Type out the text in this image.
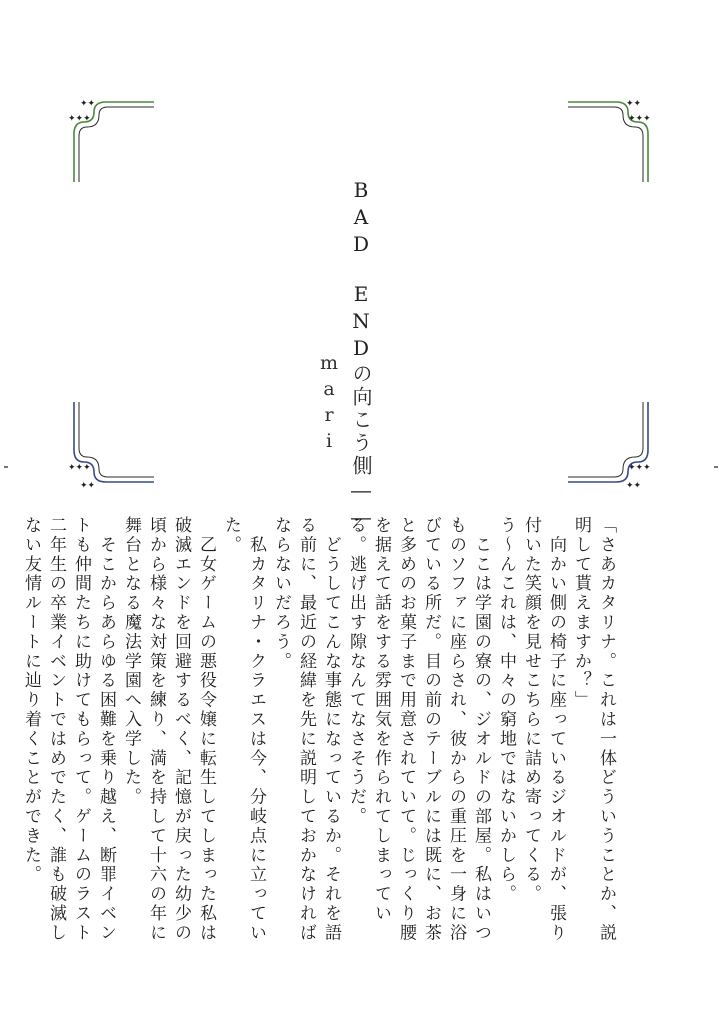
✦✦✦
✦✦
✦✦✦
✦✦
✦✦✦
✦✦
✦✦✦
✦✦
BAD　ENDの向こう側――
mari

「さあカタリナ。これは一体どういうことか、説明して貰えますか？」

　向かい側の椅子に座っているジオルドが、張り付いた笑顔を見せこちらに詰め寄ってくる。

う～んこれは、中々の窮地ではないかしら。

　ここは学園の寮の、ジオルドの部屋。私はいつものソファに座らされ、彼からの重圧を一身に浴びている所だ。目の前のテーブルには既に、お茶と多めのお菓子まで用意されていて。じっくり腰を据えて話をする雰囲気を作られてしまっている。逃げ出す隙なんてなさそうだ。

　どうしてこんな事態になっているか。それを語る前に、最近の経緯を先に説明しておかなければならないだろう。

　私カタリナ・クラエスは今、分岐点に立っていた。

　乙女ゲームの悪役令嬢に転生してしまった私は破滅エンドを回避するべく、記憶が戻った幼少の頃から様々な対策を練り、満を持して十六の年に舞台となる魔法学園へ入学した。

　そこからあらゆる困難を乗り越え、断罪イベントも仲間たちに助けてもらって。ゲームのラスト二年生の卒業イベントではめでたく、誰も破滅しない友情ルートに辿り着くことができた。
